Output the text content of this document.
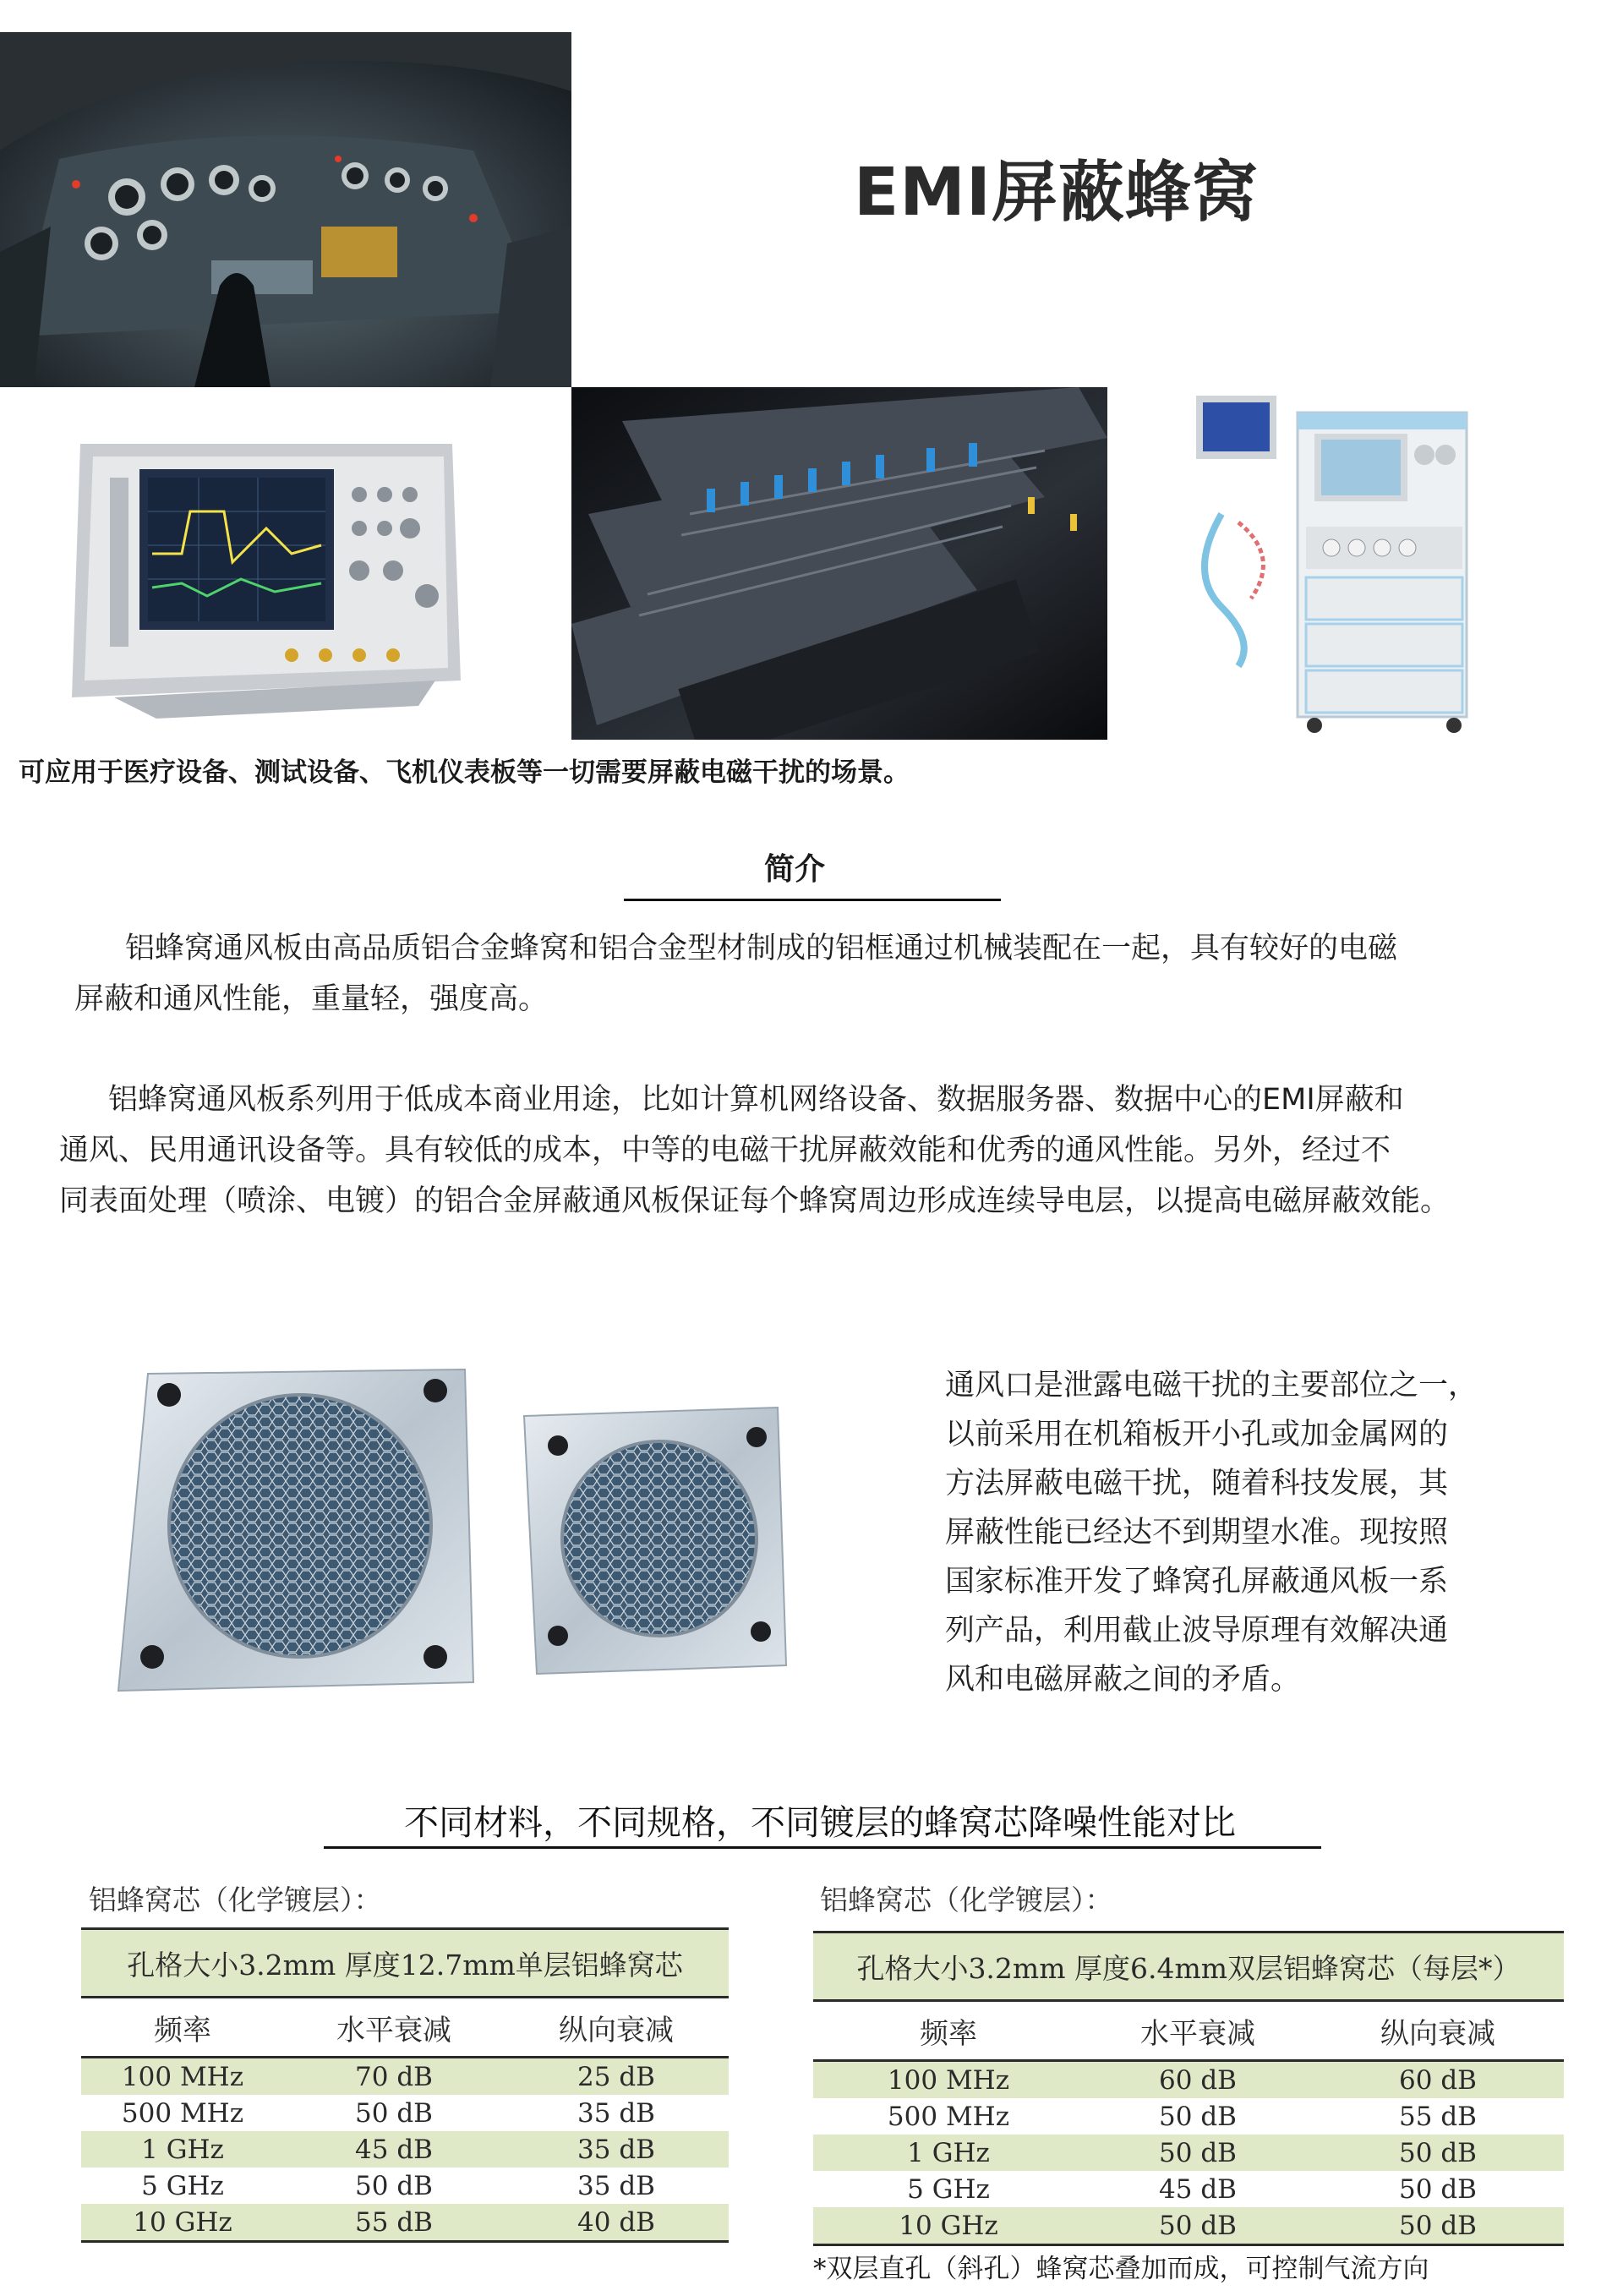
EMI屏蔽蜂窝
可应用于医疗设备、测试设备、飞机仪表板等一切需要屏蔽电磁干扰的场景。
简介
铝蜂窝通风板由高品质铝合金蜂窝和铝合金型材制成的铝框通过机械装配在一起，具有较好的电磁
屏蔽和通风性能，重量轻，强度高。
铝蜂窝通风板系列用于低成本商业用途，比如计算机网络设备、数据服务器、数据中心的EMI屏蔽和
通风、民用通讯设备等。具有较低的成本，中等的电磁干扰屏蔽效能和优秀的通风性能。另外，经过不
同表面处理（喷涂、电镀）的铝合金屏蔽通风板保证每个蜂窝周边形成连续导电层，以提高电磁屏蔽效能。
通风口是泄露电磁干扰的主要部位之一，
以前采用在机箱板开小孔或加金属网的
方法屏蔽电磁干扰，随着科技发展，其
屏蔽性能已经达不到期望水准。现按照
国家标准开发了蜂窝孔屏蔽通风板一系
列产品，利用截止波导原理有效解决通
风和电磁屏蔽之间的矛盾。
不同材料，不同规格，不同镀层的蜂窝芯降噪性能对比
铝蜂窝芯（化学镀层）：
孔格大小3.2mm 厚度12.7mm单层铝蜂窝芯		
频率	水平衰减	纵向衰减
100 MHz	70 dB	25 dB
500 MHz	50 dB	35 dB
1 GHz	45 dB	35 dB
5 GHz	50 dB	35 dB
10 GHz	55 dB	40 dB
铝蜂窝芯（化学镀层）：
孔格大小3.2mm 厚度6.4mm双层铝蜂窝芯（每层*）		
频率	水平衰减	纵向衰减
100 MHz	60 dB	60 dB
500 MHz	50 dB	55 dB
1 GHz	50 dB	50 dB
5 GHz	45 dB	50 dB
10 GHz	50 dB	50 dB
*双层直孔（斜孔）蜂窝芯叠加而成，可控制气流方向
